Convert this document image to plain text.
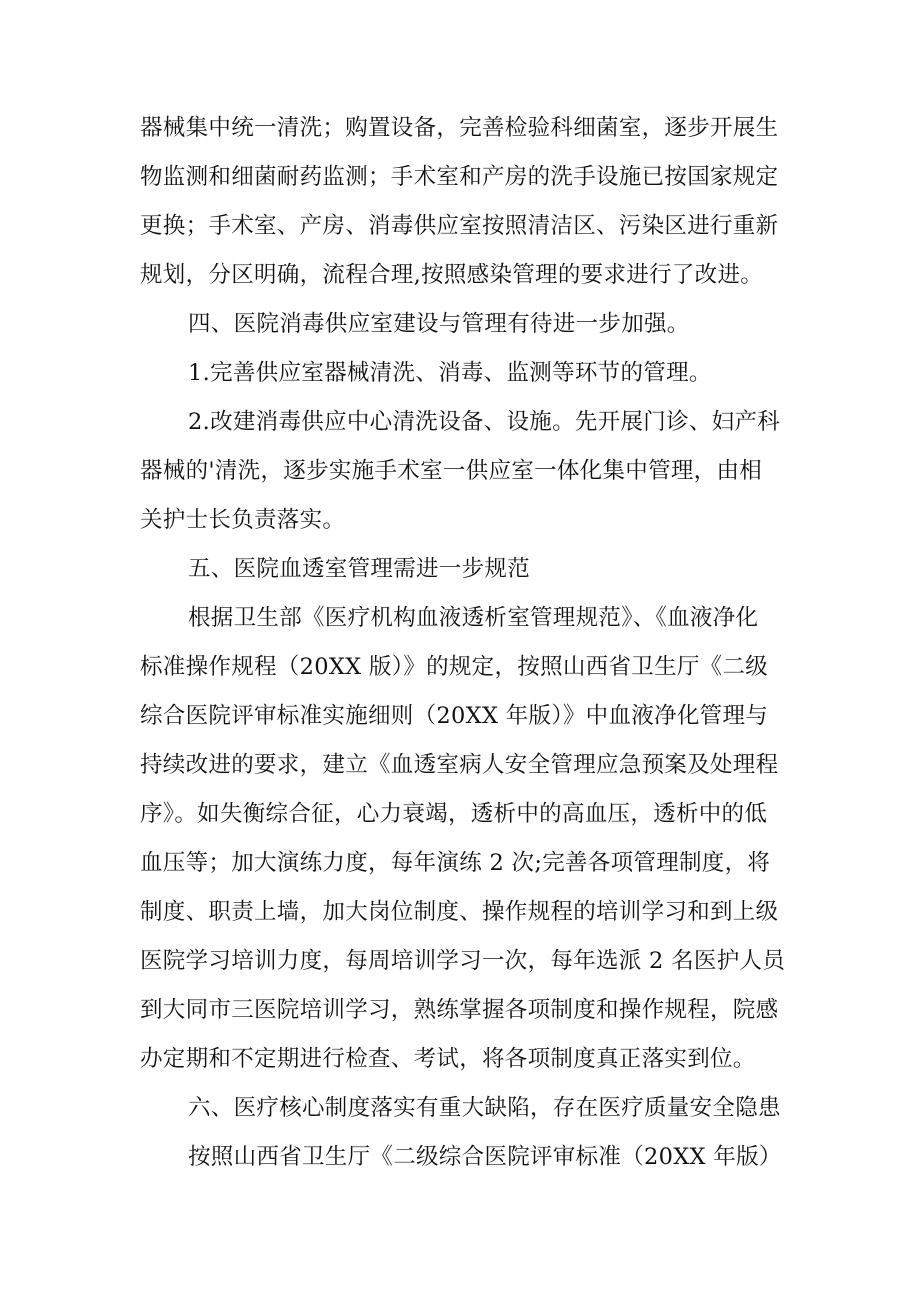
器械集中统一清洗；购置设备，完善检验科细菌室，逐步开展生
物监测和细菌耐药监测；手术室和产房的洗手设施已按国家规定
更换；手术室、产房、消毒供应室按照清洁区、污染区进行重新
规划，分区明确，流程合理,按照感染管理的要求进行了改进。
四、医院消毒供应室建设与管理有待进一步加强。
1.完善供应室器械清洗、消毒、监测等环节的管理。
2.改建消毒供应中心清洗设备、设施。先开展门诊、妇产科
器械的'清洗，逐步实施手术室一供应室一体化集中管理，由相
关护士长负责落实。
五、医院血透室管理需进一步规范
根据卫生部《医疗机构血液透析室管理规范》、《血液净化
标准操作规程（20XX 版）》的规定，按照山西省卫生厅《二级
综合医院评审标准实施细则（20XX 年版）》中血液净化管理与
持续改进的要求，建立《血透室病人安全管理应急预案及处理程
序》。如失衡综合征，心力衰竭，透析中的高血压，透析中的低
血压等；加大演练力度，每年演练 2 次;完善各项管理制度，将
制度、职责上墙，加大岗位制度、操作规程的培训学习和到上级
医院学习培训力度，每周培训学习一次，每年选派 2 名医护人员
到大同市三医院培训学习，熟练掌握各项制度和操作规程，院感
办定期和不定期进行检查、考试，将各项制度真正落实到位。
六、医疗核心制度落实有重大缺陷，存在医疗质量安全隐患
按照山西省卫生厅《二级综合医院评审标准（20XX 年版）
